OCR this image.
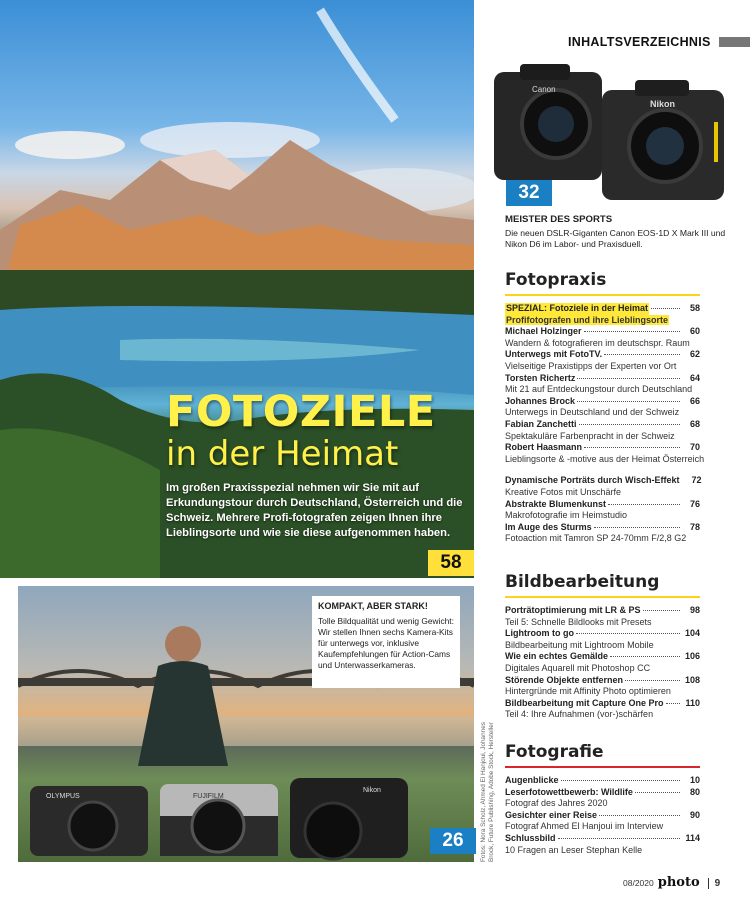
FOTOZIELE
in der Heimat
Im großen Praxisspezial nehmen wir Sie mit auf Erkundungstour durch Deutschland, Österreich und die Schweiz. Mehrere Profi-fotografen zeigen Ihnen ihre Lieblingsorte und wie sie diese aufgenommen haben.
58
OLYMPUS	FUJIFILM
Nikon
KOMPAKT, ABER STARK!

Tolle Bildqualität und wenig Gewicht: Wir stellen Ihnen sechs Kamera-Kits für unterwegs vor, inklusive Kaufempfehlungen für Action-Cams und Unterwasserkameras.

26	Fotos: Nora Scholz, Ahmed El Hanjoui, Johannes Brock, Future Publishing, Adobe Stock, Hersteller
INHALTSVERZEICHNIS
Canon
Nikon
32
MEISTER DES SPORTS

Die neuen DSLR-Giganten Canon EOS-1D X Mark III und Nikon D6 im Labor- und Praxisduell.

Fotopraxis
SPEZIAL: Fotoziele in der Heimat	58
Profifotografen und ihre Lieblingsorte
Michael Holzinger	60
Wandern & fotografieren im deutschspr. Raum
Unterwegs mit FotoTV.	62
Vielseitige Praxistipps der Experten vor Ort
Torsten Richertz	64
Mit 21 auf Entdeckungstour durch Deutschland
Johannes Brock	66
Unterwegs in Deutschland und der Schweiz
Fabian Zanchetti	68
Spektakuläre Farbenpracht in der Schweiz
Robert Haasmann	70
Lieblingsorte & -motive aus der Heimat Österreich
Dynamische Porträts durch Wisch-Effekt	72
Kreative Fotos mit Unschärfe
Abstrakte Blumenkunst	76
Makrofotografie im Heimstudio
Im Auge des Sturms	78
Fotoaction mit Tamron SP 24-70mm F/2,8 G2
Bildbearbeitung
Porträtoptimierung mit LR & PS	98
Teil 5: Schnelle Bildlooks mit Presets
Lightroom to go	104
Bildbearbeitung mit Lightroom Mobile
Wie ein echtes Gemälde	106
Digitales Aquarell mit Photoshop CC
Störende Objekte entfernen	108
Hintergründe mit Affinity Photo optimieren
Bildbearbeitung mit Capture One Pro	110
Teil 4: Ihre Aufnahmen (vor-)schärfen
Fotografie
Augenblicke	10
Leserfotowettbewerb: Wildlife	80
Fotograf des Jahres 2020
Gesichter einer Reise	90
Fotograf Ahmed El Hanjoui im Interview
Schlussbild	114
10 Fragen an Leser Stephan Kelle
08/2020 photo	9
